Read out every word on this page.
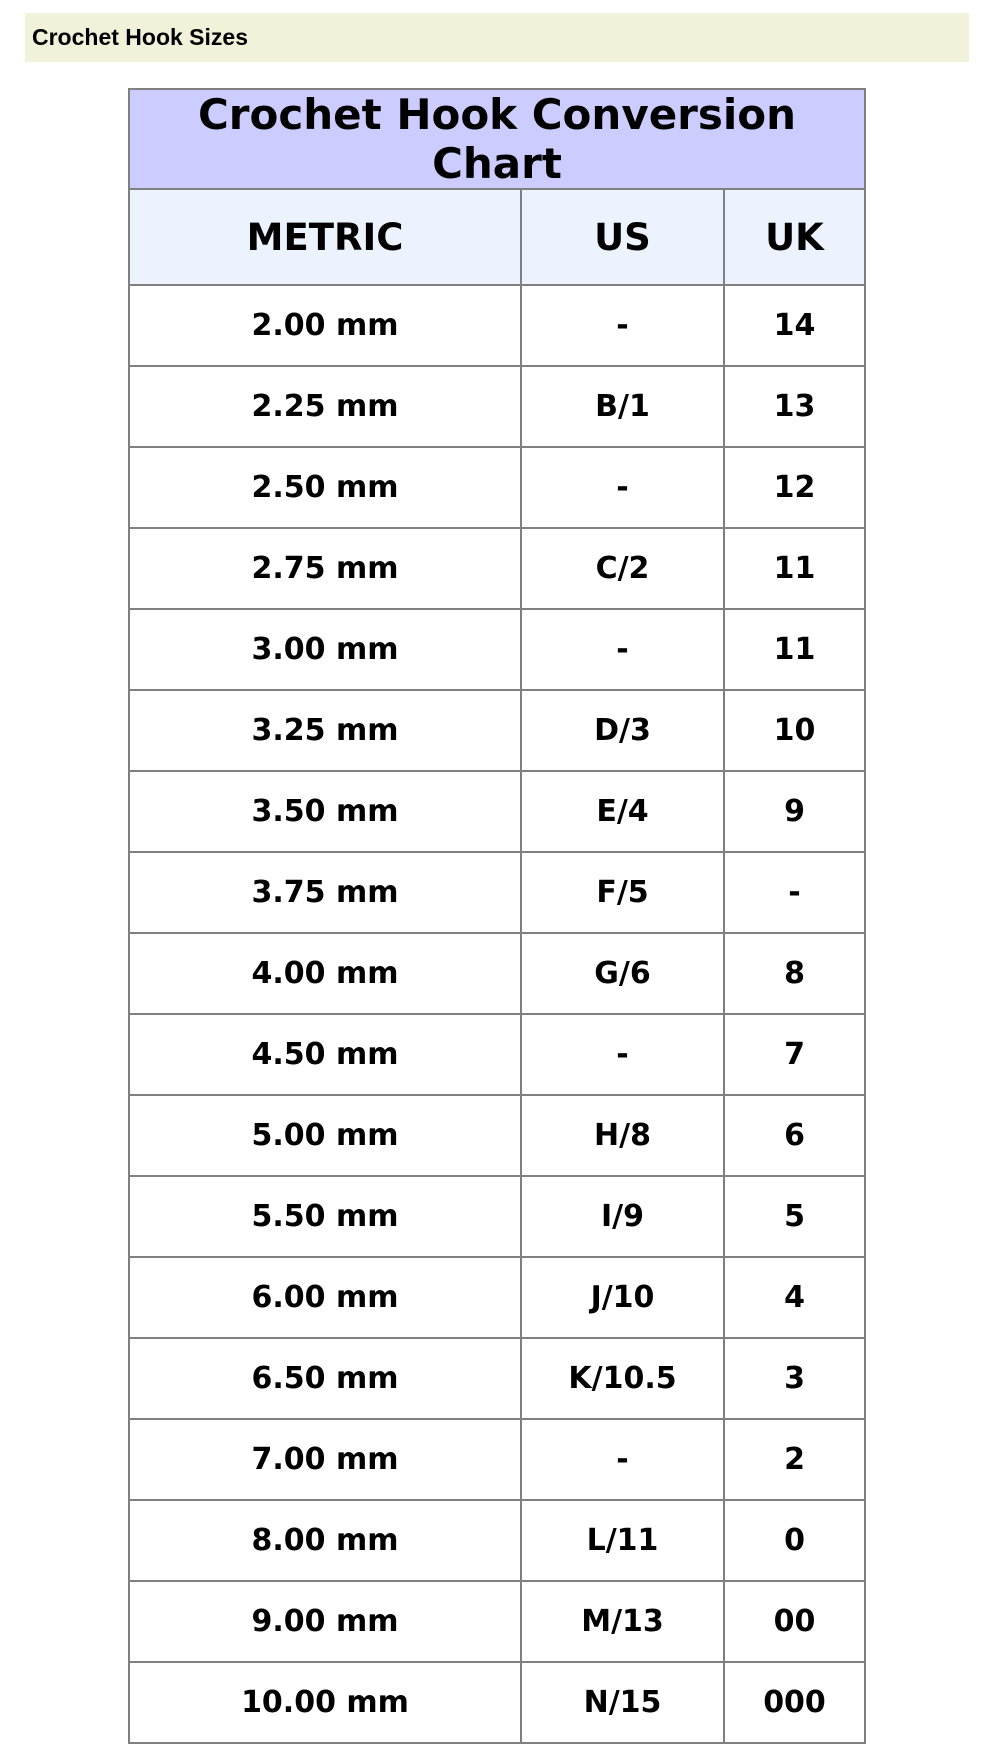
Crochet Hook Sizes
Crochet Hook Conversion Chart		
METRIC	US	UK
2.00 mm	-	14
2.25 mm	B/1	13
2.50 mm	-	12
2.75 mm	C/2	11
3.00 mm	-	11
3.25 mm	D/3	10
3.50 mm	E/4	9
3.75 mm	F/5	-
4.00 mm	G/6	8
4.50 mm	-	7
5.00 mm	H/8	6
5.50 mm	I/9	5
6.00 mm	J/10	4
6.50 mm	K/10.5	3
7.00 mm	-	2
8.00 mm	L/11	0
9.00 mm	M/13	00
10.00 mm	N/15	000
